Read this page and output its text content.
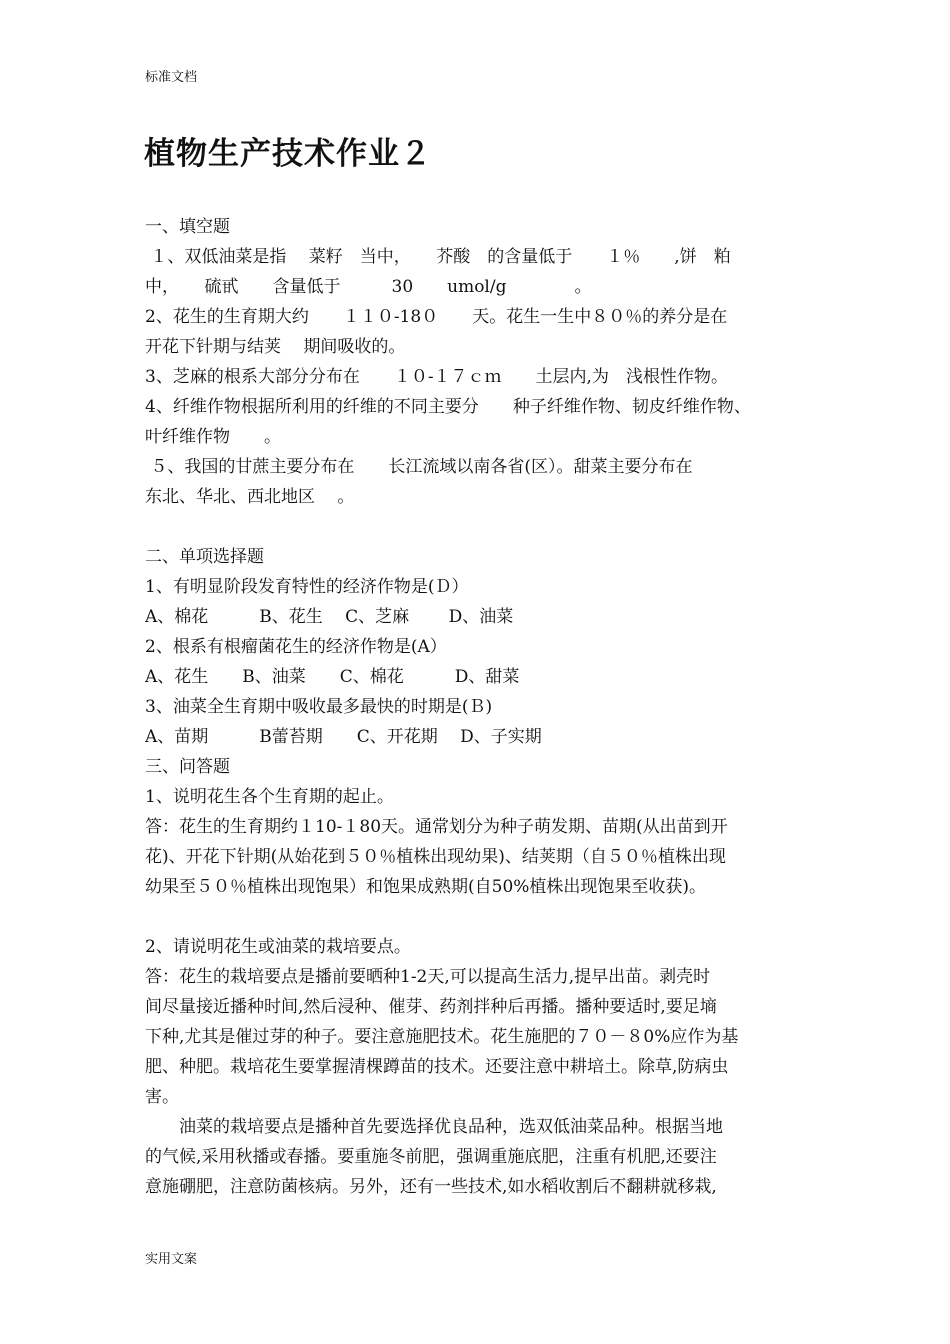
标准文档
植物生产技术作业２
一、填空题
１、双低油菜是指　 菜籽　当中，　　芥酸　的含量低于　　１％　　,饼　粕
中，　　硫甙　　含量低于　　　30　　umol/g　　　　。
2、花生的生育期大约　　１１０-18０　　天。花生一生中８０％的养分是在
开花下针期与结荚　 期间吸收的。
3、芝麻的根系大部分分布在　　１０-１７ｃｍ　　土层内,为　浅根性作物。
4、纤维作物根据所利用的纤维的不同主要分　　种子纤维作物、韧皮纤维作物、
叶纤维作物　　。
５、我国的甘蔗主要分布在　　长江流域以南各省(区）。甜菜主要分布在
东北、华北、西北地区　 。
二、单项选择题
1、有明显阶段发育特性的经济作物是(Ｄ）
A、棉花　　　B、花生　 C、芝麻　　 D、油菜
2、根系有根瘤菌花生的经济作物是(A）
A、花生　　B、油菜　　C、棉花　　　D、甜菜
3、油菜全生育期中吸收最多最快的时期是(Ｂ)
A、苗期　　　B蕾苔期　　C、开花期　 D、子实期
三、问答题
1、说明花生各个生育期的起止。
答：花生的生育期约１10-１80天。通常划分为种子萌发期、苗期(从出苗到开
花)、开花下针期(从始花到５０％植株出现幼果)、结荚期（自５０％植株出现
幼果至５０％植株出现饱果）和饱果成熟期(自50%植株出现饱果至收获)。
2、请说明花生或油菜的栽培要点。
答：花生的栽培要点是播前要晒种1-2天,可以提高生活力,提早出苗。剥壳时
间尽量接近播种时间,然后浸种、催芽、药剂拌种后再播。播种要适时,要足墒
下种,尤其是催过芽的种子。要注意施肥技术。花生施肥的７０－８0%应作为基
肥、种肥。栽培花生要掌握清棵蹲苗的技术。还要注意中耕培土。除草,防病虫
害。
油菜的栽培要点是播种首先要选择优良品种，选双低油菜品种。根据当地
的气候,采用秋播或春播。要重施冬前肥，强调重施底肥，注重有机肥,还要注
意施硼肥，注意防菌核病。另外，还有一些技术,如水稻收割后不翻耕就移栽,
实用文案
